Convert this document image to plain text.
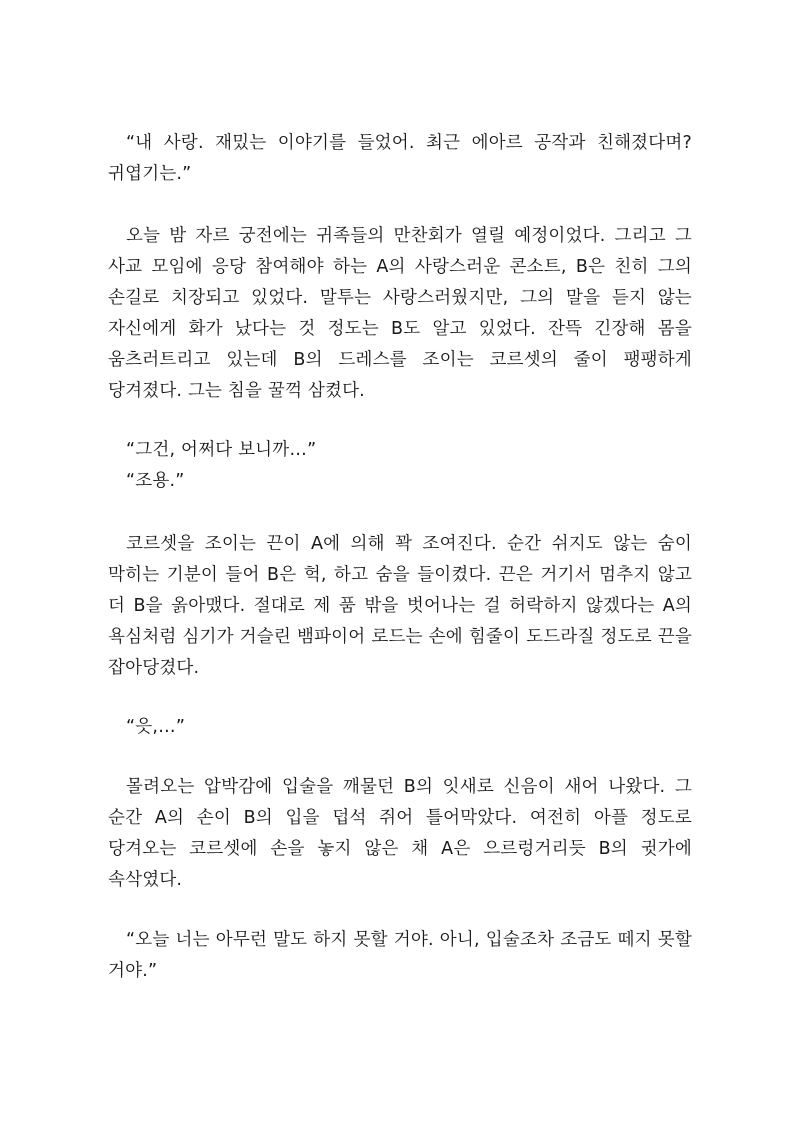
“내 사랑. 재밌는 이야기를 들었어. 최근 에아르 공작과 친해졌다며? 귀엽기는.”

오늘 밤 자르 궁전에는 귀족들의 만찬회가 열릴 예정이었다. 그리고 그 사교 모임에 응당 참여해야 하는 A의 사랑스러운 콘소트, B은 친히 그의 손길로 치장되고 있었다. 말투는 사랑스러웠지만, 그의 말을 듣지 않는 자신에게 화가 났다는 것 정도는 B도 알고 있었다. 잔뜩 긴장해 몸을 움츠러트리고 있는데 B의 드레스를 조이는 코르셋의 줄이 팽팽하게 당겨졌다. 그는 침을 꿀꺽 삼켰다.

“그건, 어쩌다 보니까…”

“조용.”

코르셋을 조이는 끈이 A에 의해 꽉 조여진다. 순간 쉬지도 않는 숨이 막히는 기분이 들어 B은 헉, 하고 숨을 들이켰다. 끈은 거기서 멈추지 않고 더 B을 옭아맸다. 절대로 제 품 밖을 벗어나는 걸 허락하지 않겠다는 A의 욕심처럼 심기가 거슬린 뱀파이어 로드는 손에 힘줄이 도드라질 정도로 끈을 잡아당겼다.

“읏,…”

몰려오는 압박감에 입술을 깨물던 B의 잇새로 신음이 새어 나왔다. 그 순간 A의 손이 B의 입을 덥석 쥐어 틀어막았다. 여전히 아플 정도로 당겨오는 코르셋에 손을 놓지 않은 채 A은 으르렁거리듯 B의 귓가에 속삭였다.

“오늘 너는 아무런 말도 하지 못할 거야. 아니, 입술조차 조금도 떼지 못할 거야.”
